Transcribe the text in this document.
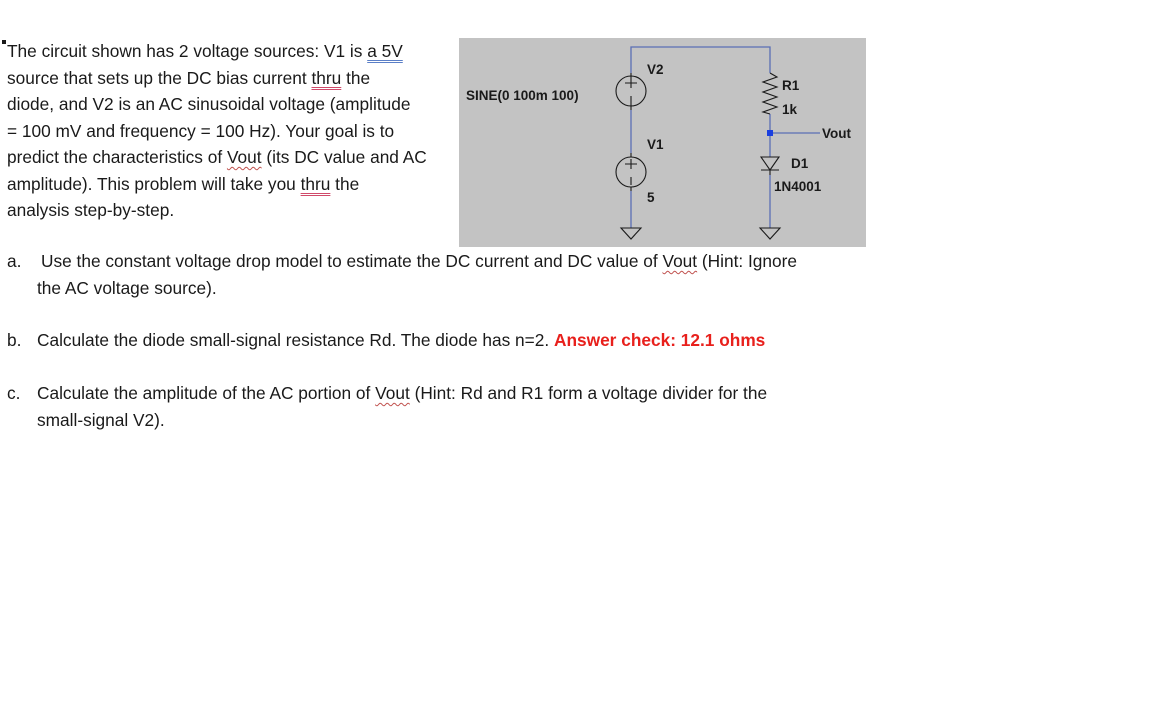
The circuit shown has 2 voltage sources: V1 is a 5V
source that sets up the DC bias current thru the
diode, and V2 is an AC sinusoidal voltage (amplitude
= 100 mV and frequency = 100 Hz). Your goal is to
predict the characteristics of Vout (its DC value and AC
amplitude). This problem will take you thru the
analysis step-by-step.
SINE(0 100m 100)
V2
V1
5
R1
1k
Vout
D1
1N4001
a. Use the constant voltage drop model to estimate the DC current and DC value of Vout (Hint: Ignore
the AC voltage source).
b. Calculate the diode small-signal resistance Rd. The diode has n=2. Answer check: 12.1 ohms
c. Calculate the amplitude of the AC portion of Vout (Hint: Rd and R1 form a voltage divider for the
small-signal V2).
